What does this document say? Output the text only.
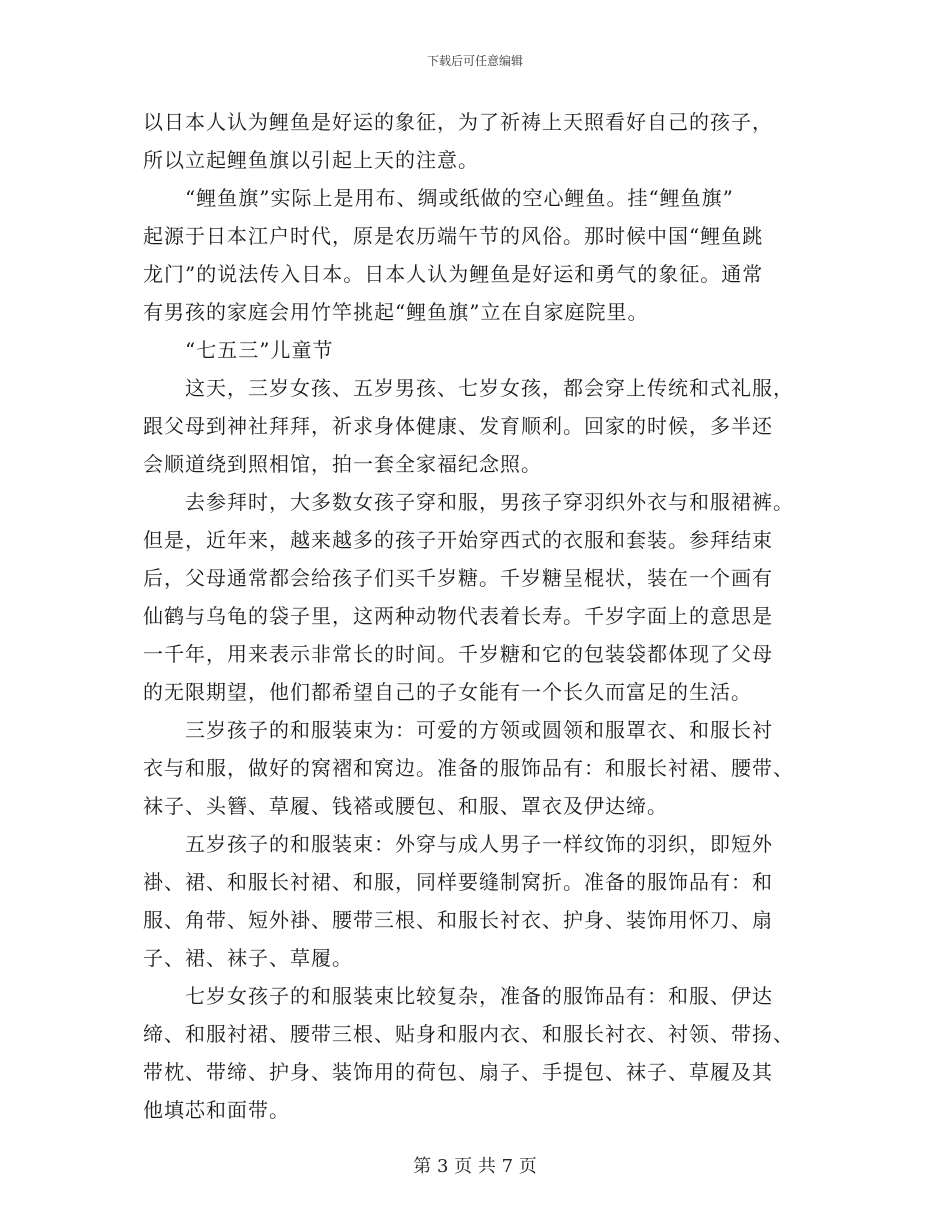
下载后可任意编辑
以日本人认为鲤鱼是好运的象征，为了祈祷上天照看好自己的孩子，
所以立起鲤鱼旗以引起上天的注意。
“鲤鱼旗”实际上是用布、绸或纸做的空心鲤鱼。挂“鲤鱼旗”
起源于日本江户时代，原是农历端午节的风俗。那时候中国“鲤鱼跳
龙门”的说法传入日本。日本人认为鲤鱼是好运和勇气的象征。通常
有男孩的家庭会用竹竿挑起“鲤鱼旗”立在自家庭院里。
“七五三”儿童节
这天，三岁女孩、五岁男孩、七岁女孩，都会穿上传统和式礼服，
跟父母到神社拜拜，祈求身体健康、发育顺利。回家的时候，多半还
会顺道绕到照相馆，拍一套全家福纪念照。
去参拜时，大多数女孩子穿和服，男孩子穿羽织外衣与和服裙裤。
但是，近年来，越来越多的孩子开始穿西式的衣服和套装。参拜结束
后，父母通常都会给孩子们买千岁糖。千岁糖呈棍状，装在一个画有
仙鹤与乌龟的袋子里，这两种动物代表着长寿。千岁字面上的意思是
一千年，用来表示非常长的时间。千岁糖和它的包装袋都体现了父母
的无限期望，他们都希望自己的子女能有一个长久而富足的生活。
三岁孩子的和服装束为：可爱的方领或圆领和服罩衣、和服长衬
衣与和服，做好的窝褶和窝边。准备的服饰品有：和服长衬裙、腰带、
袜子、头簪、草履、钱褡或腰包、和服、罩衣及伊达缔。
五岁孩子的和服装束：外穿与成人男子一样纹饰的羽织，即短外
褂、裙、和服长衬裙、和服，同样要缝制窝折。准备的服饰品有：和
服、角带、短外褂、腰带三根、和服长衬衣、护身、装饰用怀刀、扇
子、裙、袜子、草履。
七岁女孩子的和服装束比较复杂，准备的服饰品有：和服、伊达
缔、和服衬裙、腰带三根、贴身和服内衣、和服长衬衣、衬领、带扬、
带枕、带缔、护身、装饰用的荷包、扇子、手提包、袜子、草履及其
他填芯和面带。
第 3 页 共 7 页
